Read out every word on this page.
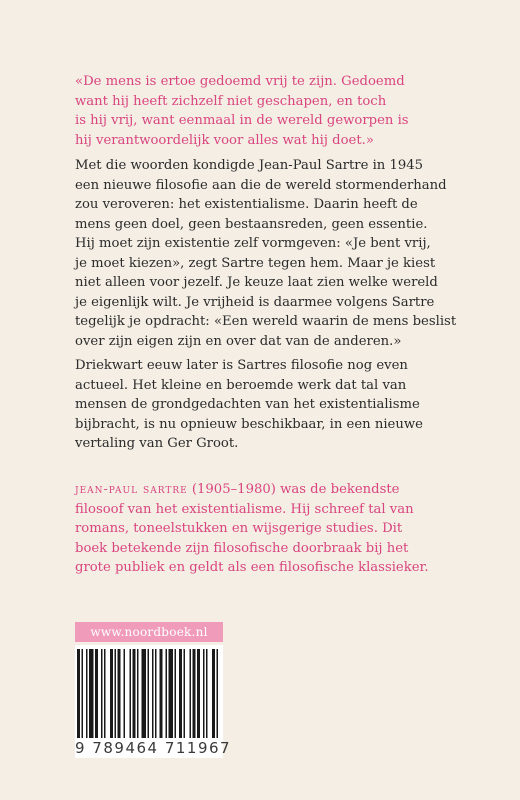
«De mens is ertoe gedoemd vrij te zijn. Gedoemd
want hij heeft zichzelf niet geschapen, en toch
is hij vrij, want eenmaal in de wereld geworpen is
hij verantwoordelijk voor alles wat hij doet.»
Met die woorden kondigde Jean-Paul Sartre in 1945
een nieuwe filosofie aan die de wereld stormenderhand
zou veroveren: het existentialisme. Daarin heeft de
mens geen doel, geen bestaansreden, geen essentie.
Hij moet zijn existentie zelf vormgeven: «Je bent vrij,
je moet kiezen», zegt Sartre tegen hem. Maar je kiest
niet alleen voor jezelf. Je keuze laat zien welke wereld
je eigenlijk wilt. Je vrijheid is daarmee volgens Sartre
tegelijk je opdracht: «Een wereld waarin de mens beslist
over zijn eigen zijn en over dat van de anderen.»
Driekwart eeuw later is Sartres filosofie nog even
actueel. Het kleine en beroemde werk dat tal van
mensen de grondgedachten van het existentialisme
bijbracht, is nu opnieuw beschikbaar, in een nieuwe
vertaling van Ger Groot.
jean-paul sartre (1905–1980) was de bekendste
filosoof van het existentialisme. Hij schreef tal van
romans, toneelstukken en wijsgerige studies. Dit
boek betekende zijn filosofische doorbraak bij het
grote publiek en geldt als een filosofische klassieker.
www.noordboek.nl
9 789464 711967
